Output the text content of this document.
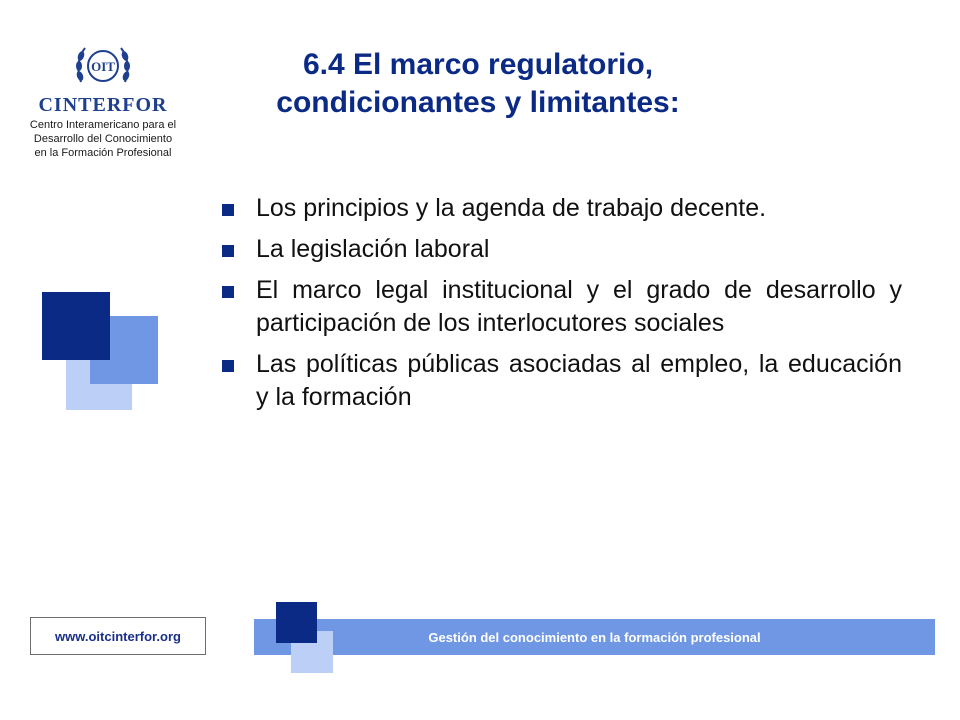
OIT
CINTERFOR
Centro Interamericano para el
Desarrollo del Conocimiento
en la Formación Profesional
6.4 El marco regulatorio,
condicionantes y limitantes:
Los principios y la agenda de trabajo decente.
La legislación laboral
El marco legal institucional y el grado de desarrollo y participación de los interlocutores sociales
Las políticas públicas asociadas al empleo, la educación y la formación
www.oitcinterfor.org	Gestión del conocimiento en la formación profesional
